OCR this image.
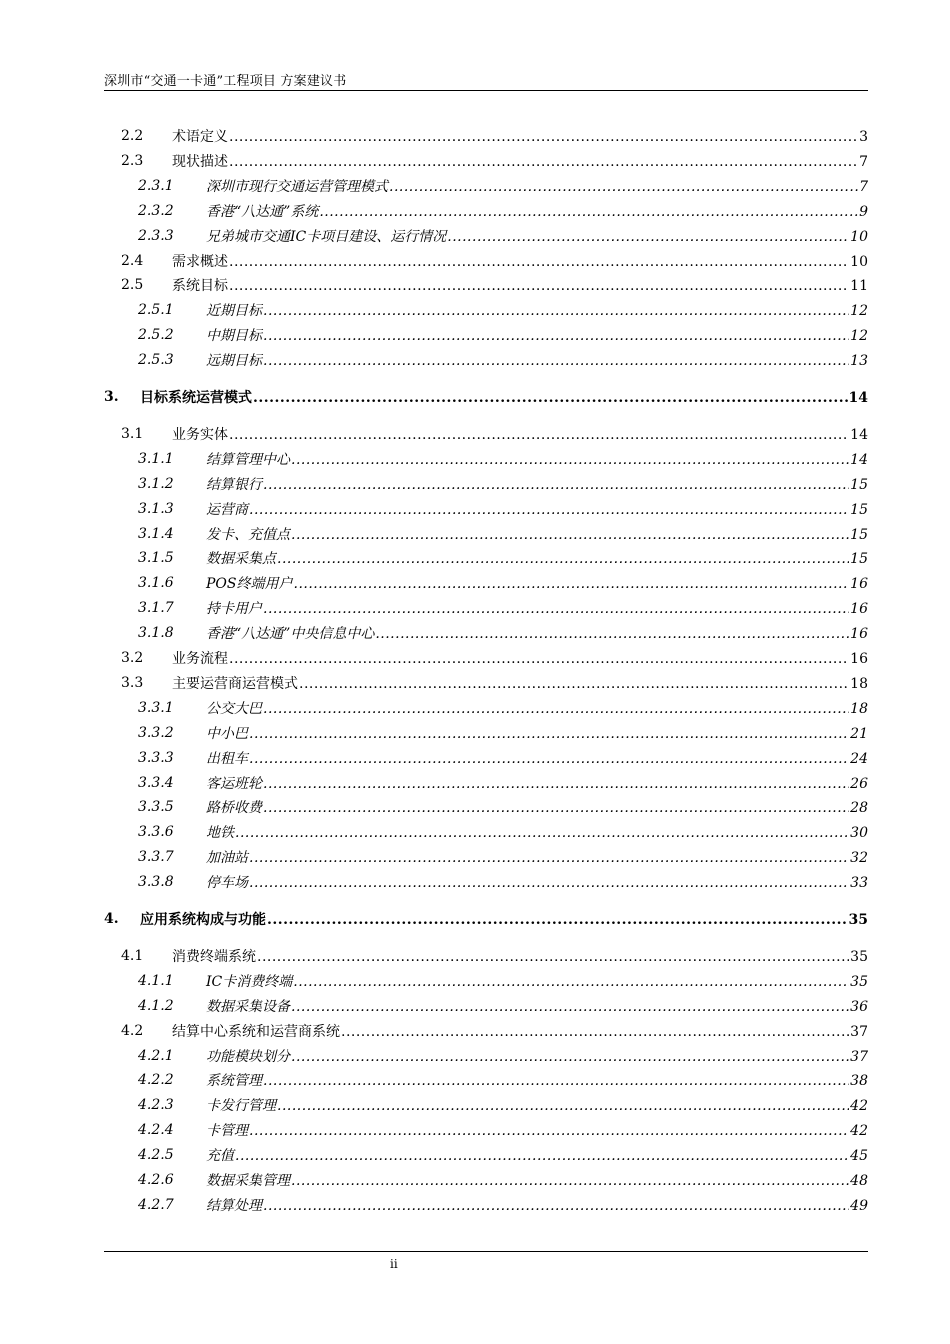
深圳市“交通一卡通”工程项目 方案建议书
2.2 术语定义 .....	3
2.3 现状描述 .....	7
2.3.1 深圳市现行交通运营管理模式 .....	7
2.3.2 香港“八达通”系统 .....	9
2.3.3 兄弟城市交通IC卡项目建设、运行情况 .....	10
2.4 需求概述 .....	10
2.5 系统目标 .....	11
2.5.1 近期目标 .....	12
2.5.2 中期目标 .....	12
2.5.3 远期目标 .....	13
3. 目标系统运营模式 .....	14
3.1 业务实体 .....	14
3.1.1 结算管理中心 .....	14
3.1.2 结算银行 .....	15
3.1.3 运营商 .....	15
3.1.4 发卡、充值点 .....	15
3.1.5 数据采集点 .....	15
3.1.6 POS终端用户 .....	16
3.1.7 持卡用户 .....	16
3.1.8 香港“八达通”中央信息中心 .....	16
3.2 业务流程 .....	16
3.3 主要运营商运营模式 .....	18
3.3.1 公交大巴 .....	18
3.3.2 中小巴 .....	21
3.3.3 出租车 .....	24
3.3.4 客运班轮 .....	26
3.3.5 路桥收费 .....	28
3.3.6 地铁 .....	30
3.3.7 加油站 .....	32
3.3.8 停车场 .....	33
4. 应用系统构成与功能 .....	35
4.1 消费终端系统 .....	35
4.1.1 IC卡消费终端 .....	35
4.1.2 数据采集设备 .....	36
4.2 结算中心系统和运营商系统 .....	37
4.2.1 功能模块划分 .....	37
4.2.2 系统管理 .....	38
4.2.3 卡发行管理 .....	42
4.2.4 卡管理 .....	42
4.2.5 充值 .....	45
4.2.6 数据采集管理 .....	48
4.2.7 结算处理 .....	49
ii
